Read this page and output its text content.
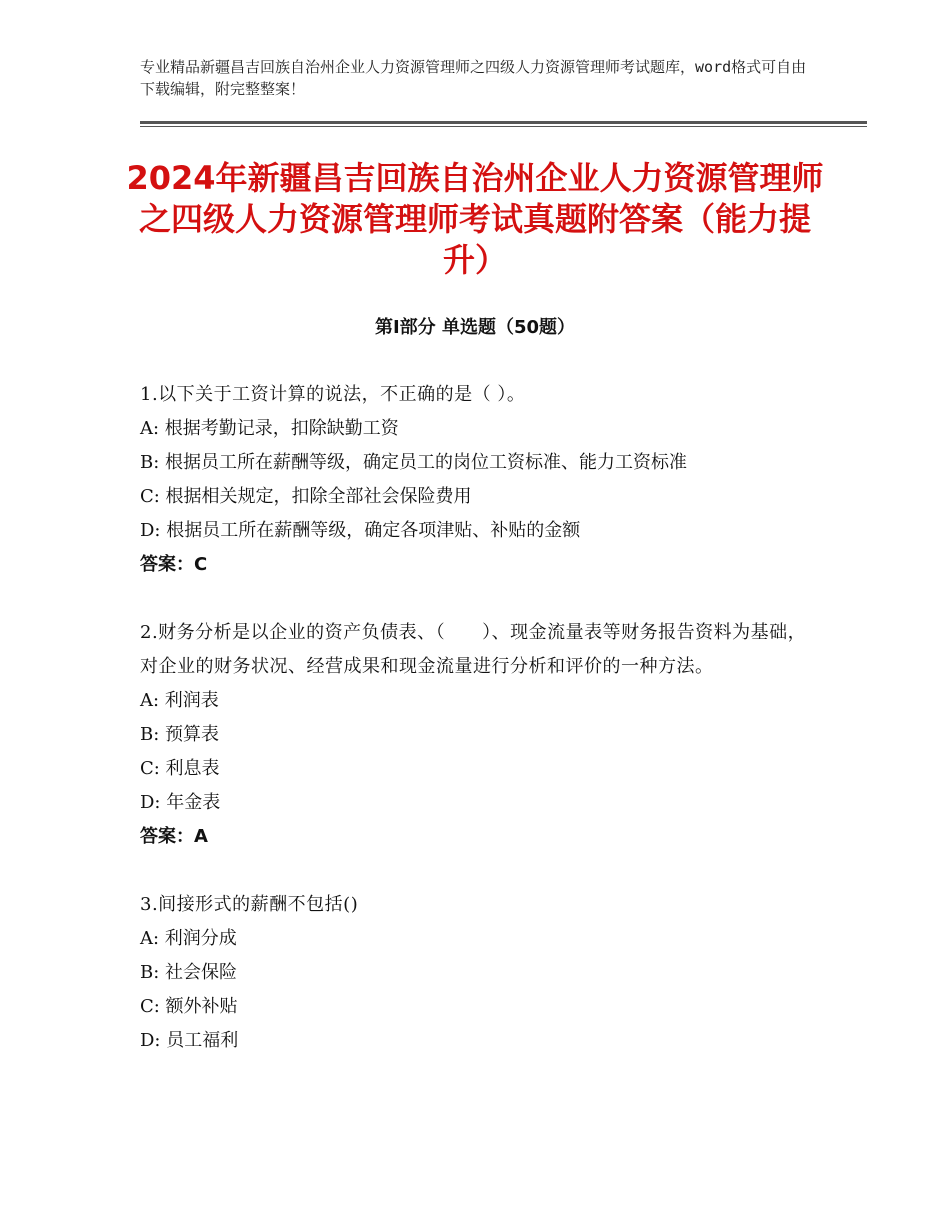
专业精品新疆昌吉回族自治州企业人力资源管理师之四级人力资源管理师考试题库，word格式可自由下载编辑，附完整整案！
2024年新疆昌吉回族自治州企业人力资源管理师之四级人力资源管理师考试真题附答案（能力提升）
第Ⅰ部分 单选题（50题）
1.以下关于工资计算的说法，不正确的是（ ）。
A: 根据考勤记录，扣除缺勤工资
B: 根据员工所在薪酬等级，确定员工的岗位工资标准、能力工资标准
C: 根据相关规定，扣除全部社会保险费用
D: 根据员工所在薪酬等级，确定各项津贴、补贴的金额
答案：C
2.财务分析是以企业的资产负债表、（　　）、现金流量表等财务报告资料为基础，对企业的财务状况、经营成果和现金流量进行分析和评价的一种方法。
A: 利润表
B: 预算表
C: 利息表
D: 年金表
答案：A
3.间接形式的薪酬不包括()
A: 利润分成
B: 社会保险
C: 额外补贴
D: 员工福利
